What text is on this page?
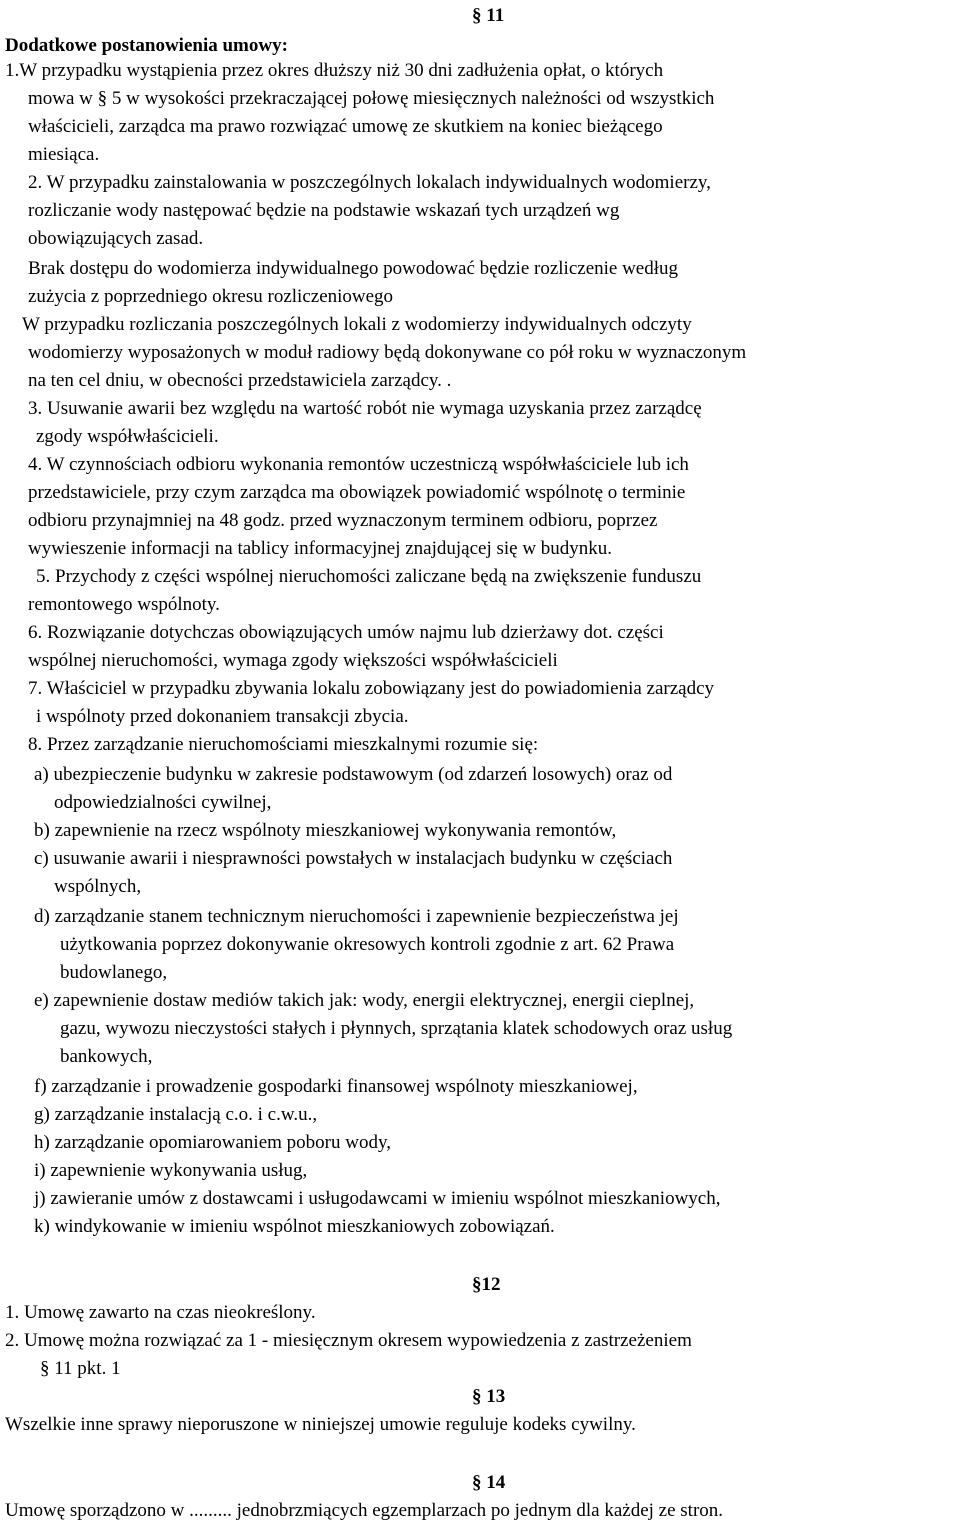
§ 11
Dodatkowe postanowienia umowy:
1.W przypadku wystąpienia przez okres dłuższy niż 30 dni zadłużenia opłat, o których
mowa w § 5 w wysokości przekraczającej połowę miesięcznych należności od wszystkich
właścicieli, zarządca ma prawo rozwiązać umowę ze skutkiem na koniec bieżącego
miesiąca.
2. W przypadku zainstalowania w poszczególnych lokalach indywidualnych wodomierzy,
rozliczanie wody następować będzie na podstawie wskazań tych urządzeń wg
obowiązujących zasad.
Brak dostępu do wodomierza indywidualnego powodować będzie rozliczenie według
zużycia z poprzedniego okresu rozliczeniowego
W przypadku rozliczania poszczególnych lokali z wodomierzy indywidualnych odczyty
wodomierzy wyposażonych w moduł radiowy będą dokonywane co pół roku w wyznaczonym
na ten cel dniu, w obecności przedstawiciela zarządcy. .
3. Usuwanie awarii bez względu na wartość robót nie wymaga uzyskania przez zarządcę
zgody współwłaścicieli.
4. W czynnościach odbioru wykonania remontów uczestniczą współwłaściciele lub ich
przedstawiciele, przy czym zarządca ma obowiązek powiadomić wspólnotę o terminie
odbioru przynajmniej na 48 godz. przed wyznaczonym terminem odbioru, poprzez
wywieszenie informacji na tablicy informacyjnej znajdującej się w budynku.
5. Przychody z części wspólnej nieruchomości zaliczane będą na zwiększenie funduszu
remontowego wspólnoty.
6. Rozwiązanie dotychczas obowiązujących umów najmu lub dzierżawy dot. części
wspólnej nieruchomości, wymaga zgody większości współwłaścicieli
7. Właściciel w przypadku zbywania lokalu zobowiązany jest do powiadomienia zarządcy
i wspólnoty przed dokonaniem transakcji zbycia.
8. Przez zarządzanie nieruchomościami mieszkalnymi rozumie się:
a) ubezpieczenie budynku w zakresie podstawowym (od zdarzeń losowych) oraz od
odpowiedzialności cywilnej,
b) zapewnienie na rzecz wspólnoty mieszkaniowej wykonywania remontów,
c) usuwanie awarii i niesprawności powstałych w instalacjach budynku w częściach
wspólnych,
d) zarządzanie stanem technicznym nieruchomości i zapewnienie bezpieczeństwa jej
użytkowania poprzez dokonywanie okresowych kontroli zgodnie z art. 62 Prawa
budowlanego,
e) zapewnienie dostaw mediów takich jak: wody, energii elektrycznej, energii cieplnej,
gazu, wywozu nieczystości stałych i płynnych, sprzątania klatek schodowych oraz usług
bankowych,
f) zarządzanie i prowadzenie gospodarki finansowej wspólnoty mieszkaniowej,
g) zarządzanie instalacją c.o. i c.w.u.,
h) zarządzanie opomiarowaniem poboru wody,
i) zapewnienie wykonywania usług,
j) zawieranie umów z dostawcami i usługodawcami w imieniu wspólnot mieszkaniowych,
k) windykowanie w imieniu wspólnot mieszkaniowych zobowiązań.
§12
1. Umowę zawarto na czas nieokreślony.
2. Umowę można rozwiązać za 1 - miesięcznym okresem wypowiedzenia z zastrzeżeniem
§ 11 pkt. 1
§ 13
Wszelkie inne sprawy nieporuszone w niniejszej umowie reguluje kodeks cywilny.
§ 14
Umowę sporządzono w ......... jednobrzmiących egzemplarzach po jednym dla każdej ze stron.
